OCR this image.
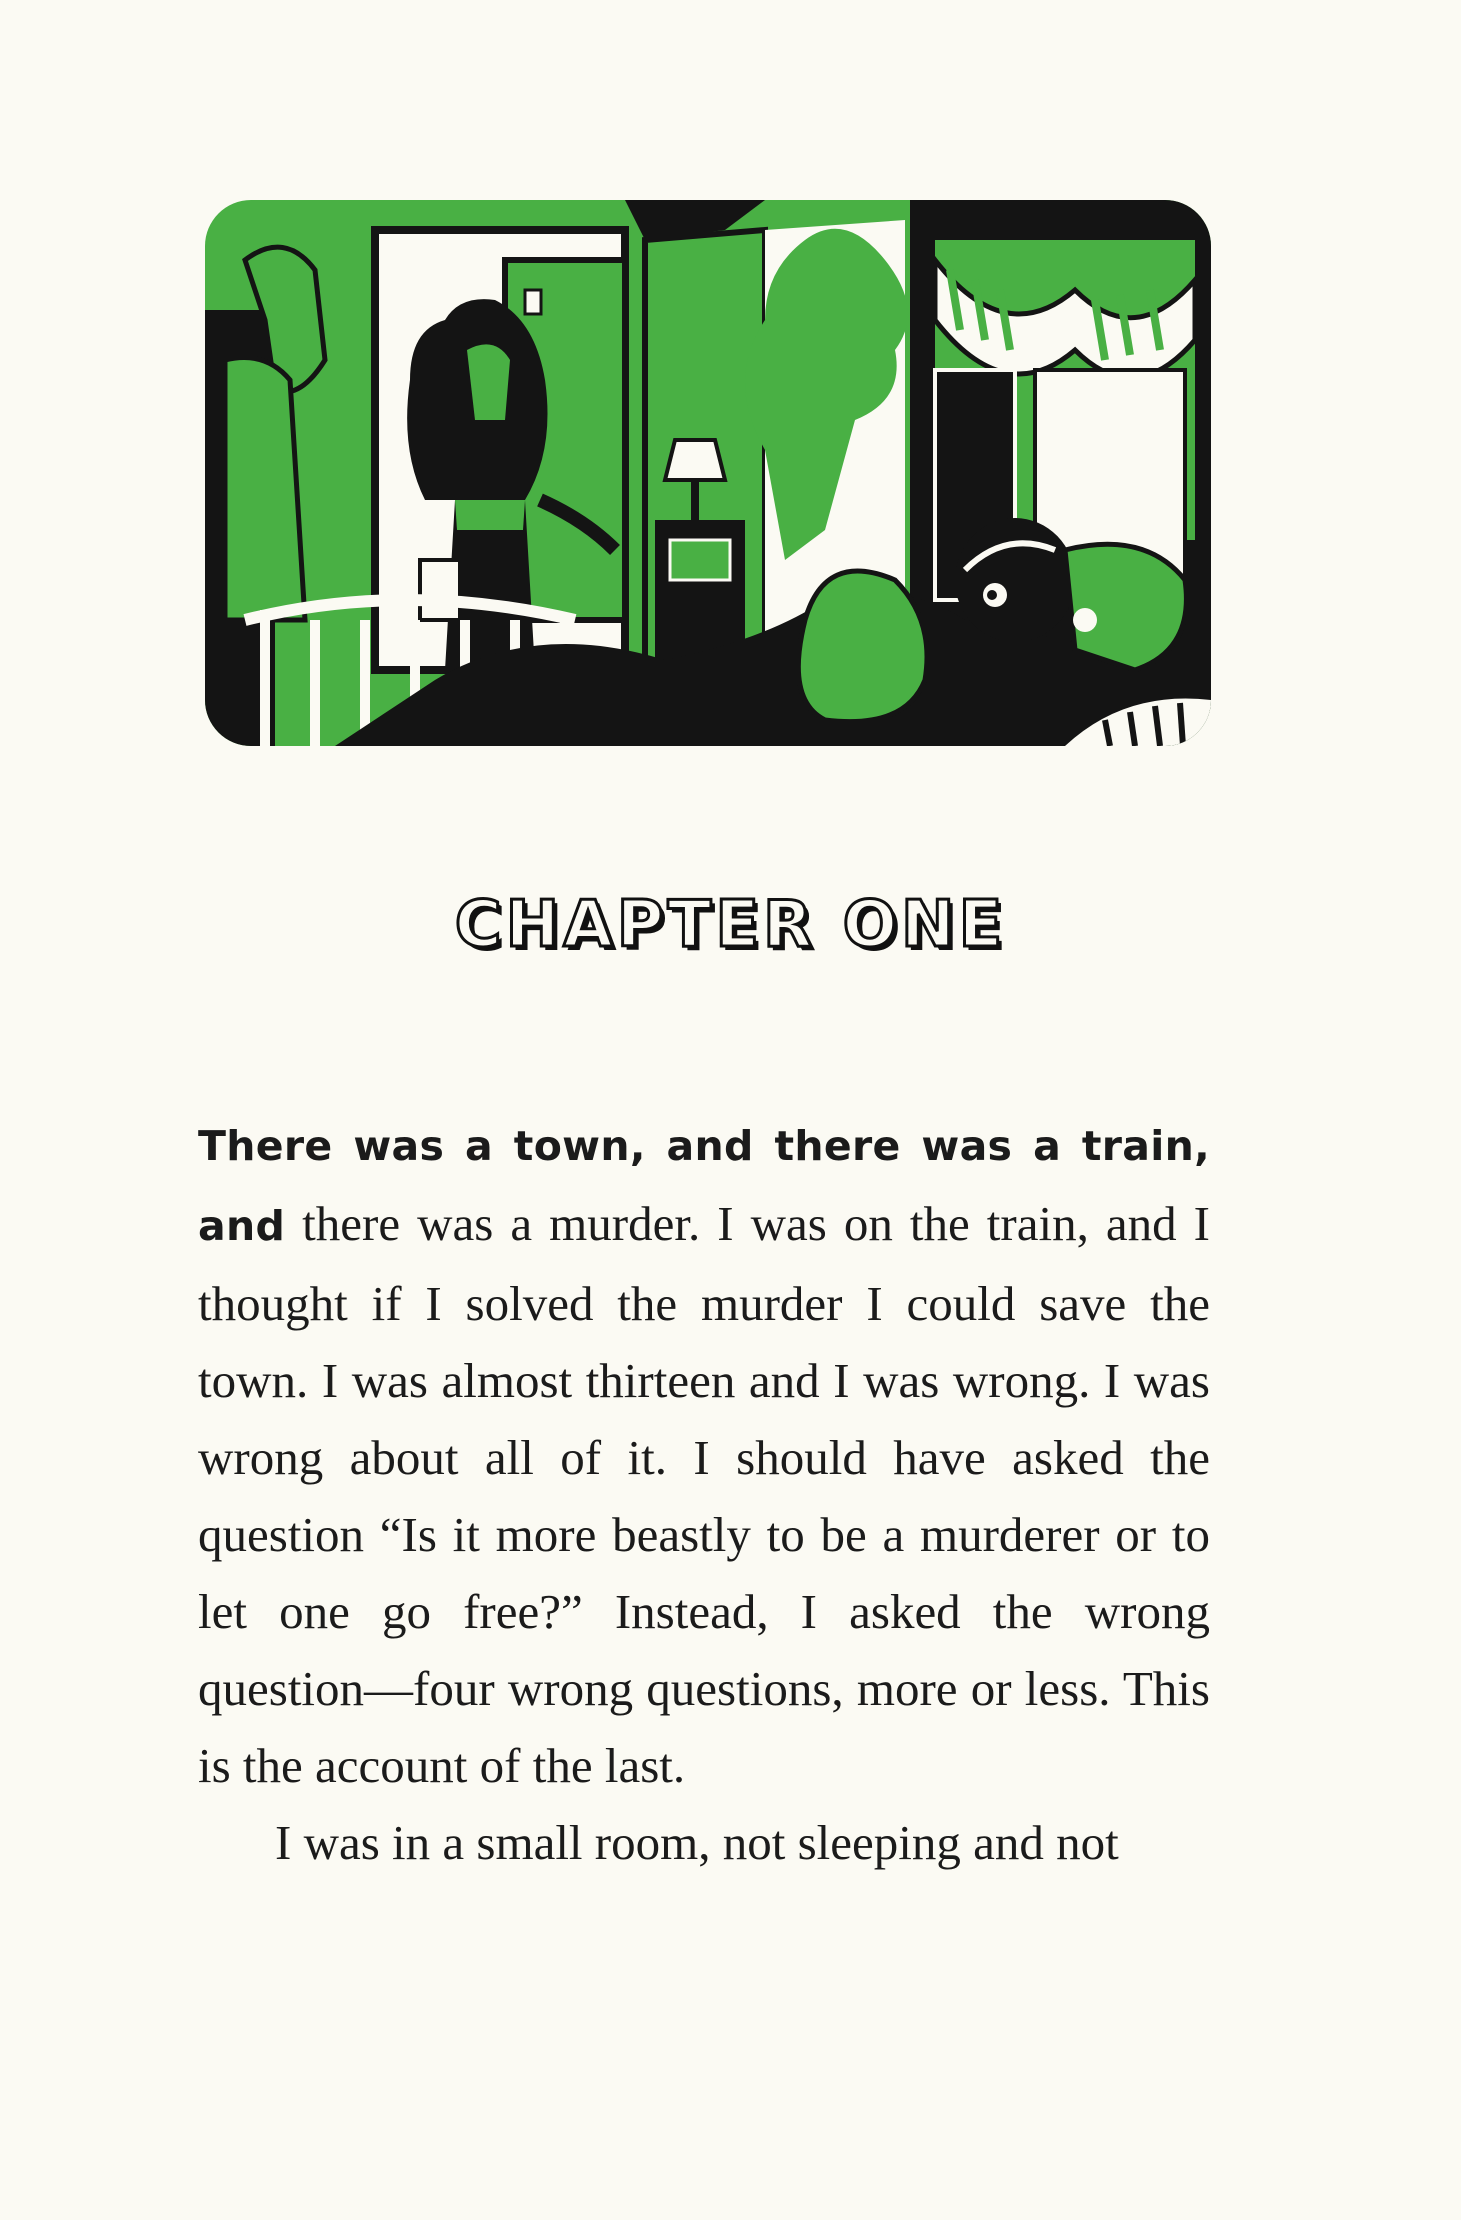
CHAPTER ONE

There was a town, and there was a train, and there was a murder. I was on the train, and I thought if I solved the murder I could save the town. I was almost thirteen and I was wrong. I was wrong about all of it. I should have asked the question “Is it more beastly to be a murderer or to let one go free?” Instead, I asked the wrong question—four wrong questions, more or less. This is the account of the last.

I was in a small room, not sleeping and not
